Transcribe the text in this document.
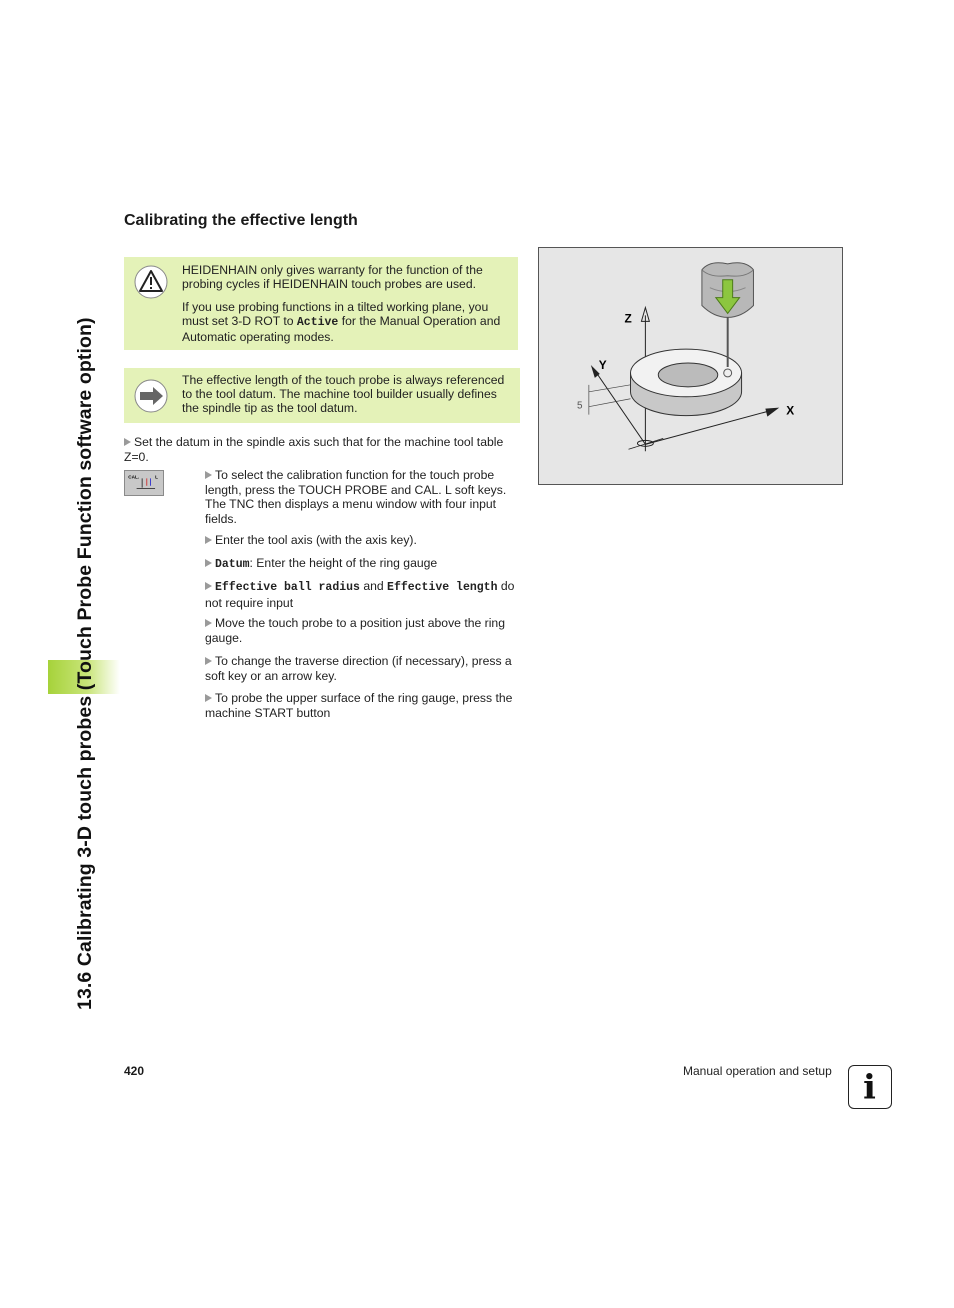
13.6 Calibrating 3-D touch probes (Touch Probe Function software option)
Calibrating the effective length

HEIDENHAIN only gives warranty for the function of the probing cycles if HEIDENHAIN touch probes are used.

If you use probing functions in a tilted working plane, you must set 3-D ROT to Active for the Manual Operation and Automatic operating modes.

The effective length of the touch probe is always referenced to the tool datum. The machine tool builder usually defines the spindle tip as the tool datum.

Set the datum in the spindle axis such that for the machine tool table Z=0.

CAL.	L	To select the calibration function for the touch probe length, press the TOUCH PROBE and CAL. L soft keys. The TNC then displays a menu window with four input fields.

Enter the tool axis (with the axis key).

Datum: Enter the height of the ring gauge

Effective ball radius and Effective length do not require input

Move the touch probe to a position just above the ring gauge.

To change the traverse direction (if necessary), press a soft key or an arrow key.

To probe the upper surface of the ring gauge, press the machine START button

5
Z
Y
X
420	Manual operation and setup i
